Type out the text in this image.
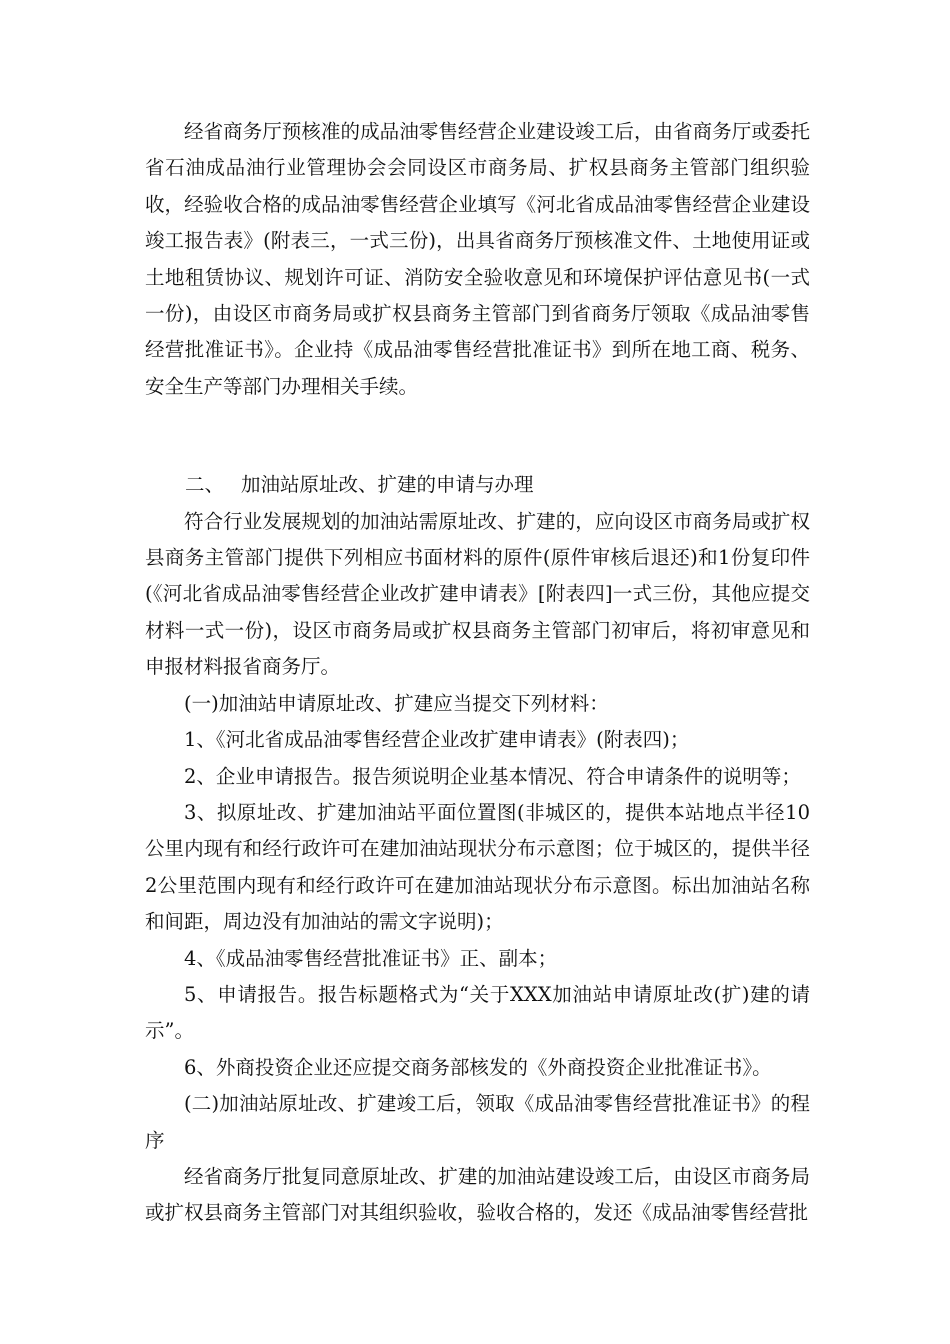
经省商务厅预核准的成品油零售经营企业建设竣工后，由省商务厅或委托省石油成品油行业管理协会会同设区市商务局、扩权县商务主管部门组织验收，经验收合格的成品油零售经营企业填写《河北省成品油零售经营企业建设竣工报告表》(附表三，一式三份)，出具省商务厅预核准文件、土地使用证或土地租赁协议、规划许可证、消防安全验收意见和环境保护评估意见书(一式一份)，由设区市商务局或扩权县商务主管部门到省商务厅领取《成品油零售经营批准证书》。企业持《成品油零售经营批准证书》到所在地工商、税务、安全生产等部门办理相关手续。

二、 加油站原址改、扩建的申请与办理

符合行业发展规划的加油站需原址改、扩建的，应向设区市商务局或扩权县商务主管部门提供下列相应书面材料的原件(原件审核后退还)和1份复印件(《河北省成品油零售经营企业改扩建申请表》[附表四]一式三份，其他应提交材料一式一份)，设区市商务局或扩权县商务主管部门初审后，将初审意见和申报材料报省商务厅。

(一)加油站申请原址改、扩建应当提交下列材料：

1、《河北省成品油零售经营企业改扩建申请表》(附表四)；

2、企业申请报告。报告须说明企业基本情况、符合申请条件的说明等；

3、拟原址改、扩建加油站平面位置图(非城区的，提供本站地点半径10公里内现有和经行政许可在建加油站现状分布示意图；位于城区的，提供半径2公里范围内现有和经行政许可在建加油站现状分布示意图。标出加油站名称和间距，周边没有加油站的需文字说明)；

4、《成品油零售经营批准证书》正、副本；

5、申请报告。报告标题格式为“关于XXX加油站申请原址改(扩)建的请示”。

6、外商投资企业还应提交商务部核发的《外商投资企业批准证书》。

(二)加油站原址改、扩建竣工后，领取《成品油零售经营批准证书》的程序

经省商务厅批复同意原址改、扩建的加油站建设竣工后，由设区市商务局或扩权县商务主管部门对其组织验收，验收合格的，发还《成品油零售经营批
